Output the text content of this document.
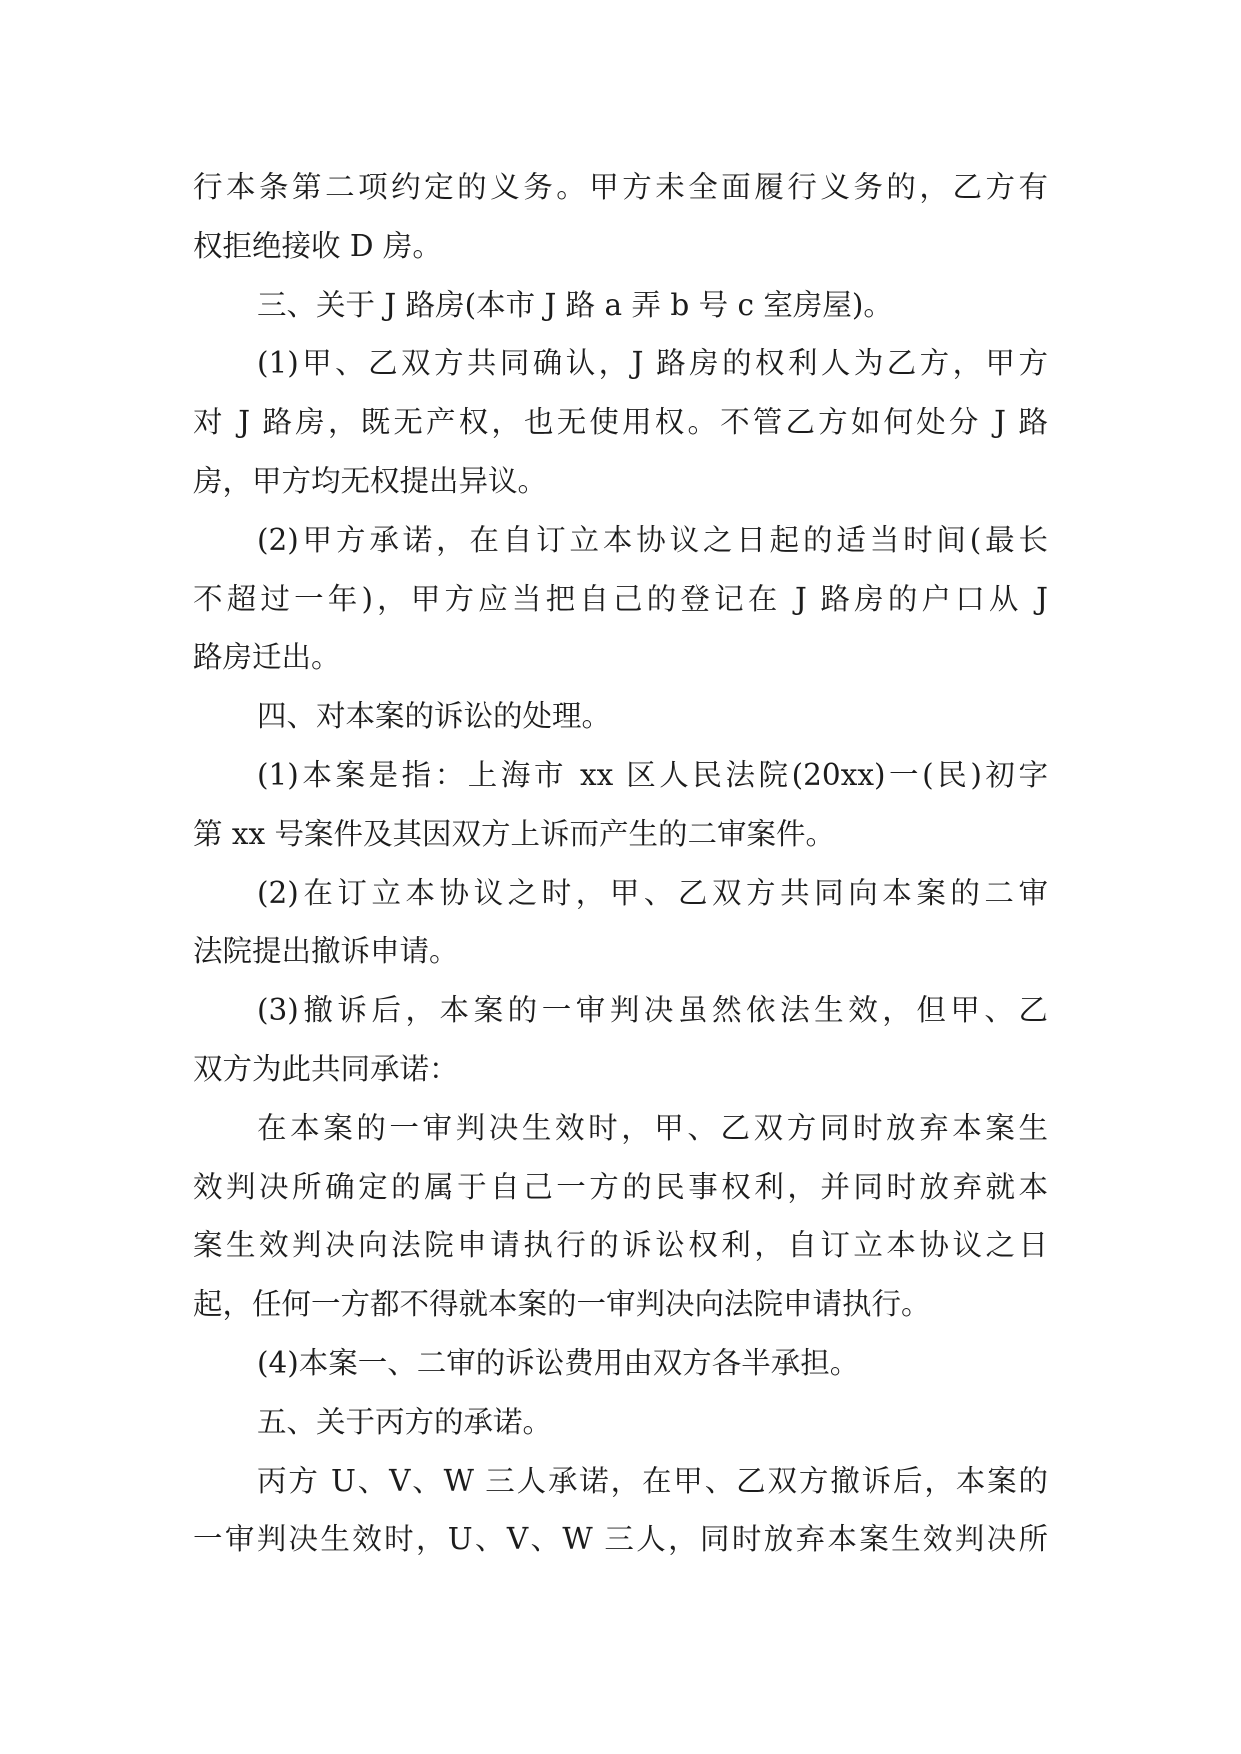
行本条第二项约定的义务。甲方未全面履行义务的，乙方有
权拒绝接收 D 房。
三、关于 J 路房(本市 J 路 a 弄 b 号 c 室房屋)。
(1)甲、乙双方共同确认，J 路房的权利人为乙方，甲方
对 J 路房，既无产权，也无使用权。不管乙方如何处分 J 路
房，甲方均无权提出异议。
(2)甲方承诺，在自订立本协议之日起的适当时间(最长
不超过一年)，甲方应当把自己的登记在 J 路房的户口从 J
路房迁出。
四、对本案的诉讼的处理。
(1)本案是指：上海市 xx 区人民法院(20xx)一(民)初字
第 xx 号案件及其因双方上诉而产生的二审案件。
(2)在订立本协议之时，甲、乙双方共同向本案的二审
法院提出撤诉申请。
(3)撤诉后，本案的一审判决虽然依法生效，但甲、乙
双方为此共同承诺：
在本案的一审判决生效时，甲、乙双方同时放弃本案生
效判决所确定的属于自己一方的民事权利，并同时放弃就本
案生效判决向法院申请执行的诉讼权利，自订立本协议之日
起，任何一方都不得就本案的一审判决向法院申请执行。
(4)本案一、二审的诉讼费用由双方各半承担。
五、关于丙方的承诺。
丙方 U、V、W 三人承诺，在甲、乙双方撤诉后，本案的
一审判决生效时，U、V、W 三人，同时放弃本案生效判决所
